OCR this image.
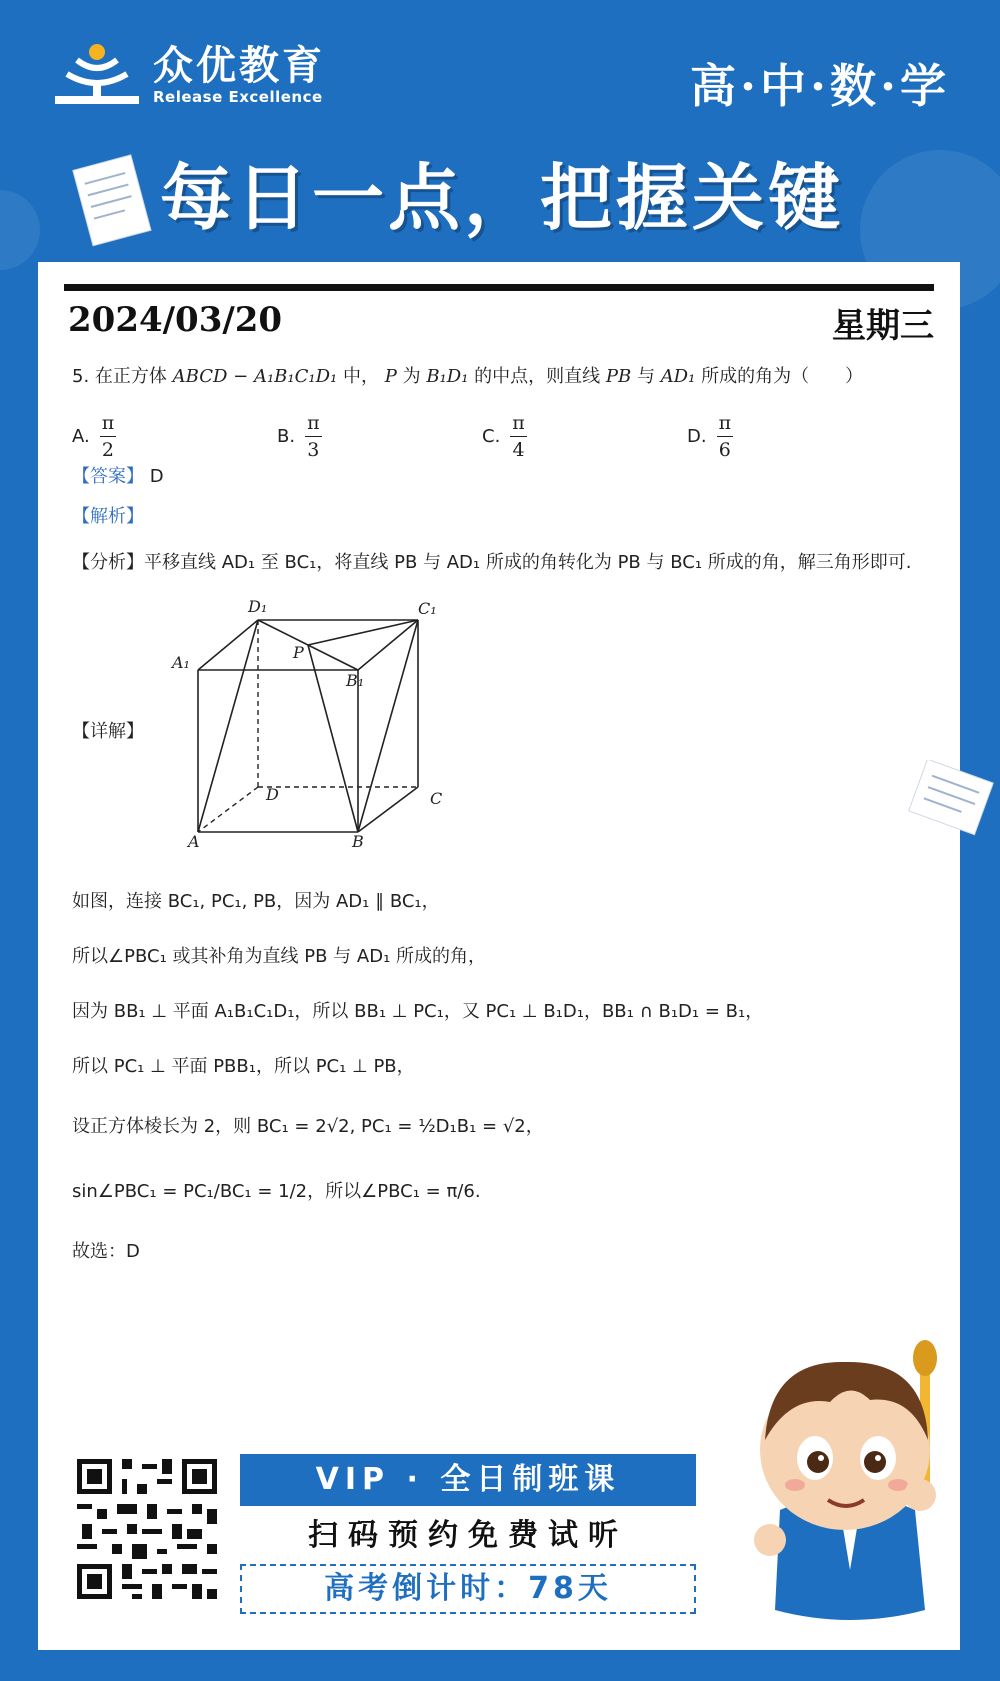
众优教育
Release Excellence	高·中·数·学
每日一点，把握关键
2024/03/20	星期三
5. 在正方体 ABCD − A₁B₁C₁D₁ 中， P 为 B₁D₁ 的中点，则直线 PB 与 AD₁ 所成的角为（　　）
A. $\frac{\pi}{2}$	B. $\frac{\pi}{3}$	C. $\frac{\pi}{4}$	D. $\frac{\pi}{6}$
【答案】 D
【解析】
【分析】平移直线 AD₁ 至 BC₁，将直线 PB 与 AD₁ 所成的角转化为 PB 与 BC₁ 所成的角，解三角形即可.
【详解】
D₁	C₁
A₁
B₁
P
D	C
A	B
如图，连接 BC₁, PC₁, PB，因为 AD₁ ∥ BC₁，
所以∠PBC₁ 或其补角为直线 PB 与 AD₁ 所成的角，
因为 BB₁ ⊥ 平面 A₁B₁C₁D₁，所以 BB₁ ⊥ PC₁，又 PC₁ ⊥ B₁D₁，BB₁ ∩ B₁D₁ = B₁，
所以 PC₁ ⊥ 平面 PBB₁，所以 PC₁ ⊥ PB，
设正方体棱长为 2，则 BC₁ = 2√2, PC₁ = ½D₁B₁ = √2，
sin∠PBC₁ = PC₁/BC₁ = 1/2，所以∠PBC₁ = π/6.
故选：D
VIP · 全日制班课
扫码预约免费试听
高考倒计时：78天
